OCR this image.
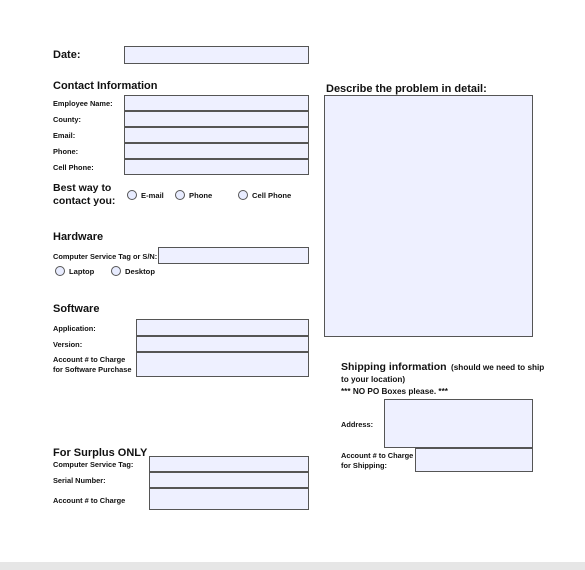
Date:
Contact Information
Employee Name:
County:
Email:
Phone:
Cell Phone:
Best way to
contact you:	E-mail	Phone	Cell Phone
Hardware
Computer Service Tag or S/N:
Laptop	Desktop
Software
Application:
Version:
Account # to Charge
for Software Purchase
For Surplus ONLY
Computer Service Tag:
Serial Number:
Account # to Charge
Describe the problem in detail:
Shipping information (should we need to ship
to your location)
*** NO PO Boxes please. ***
Address:
Account # to Charge
for Shipping:
